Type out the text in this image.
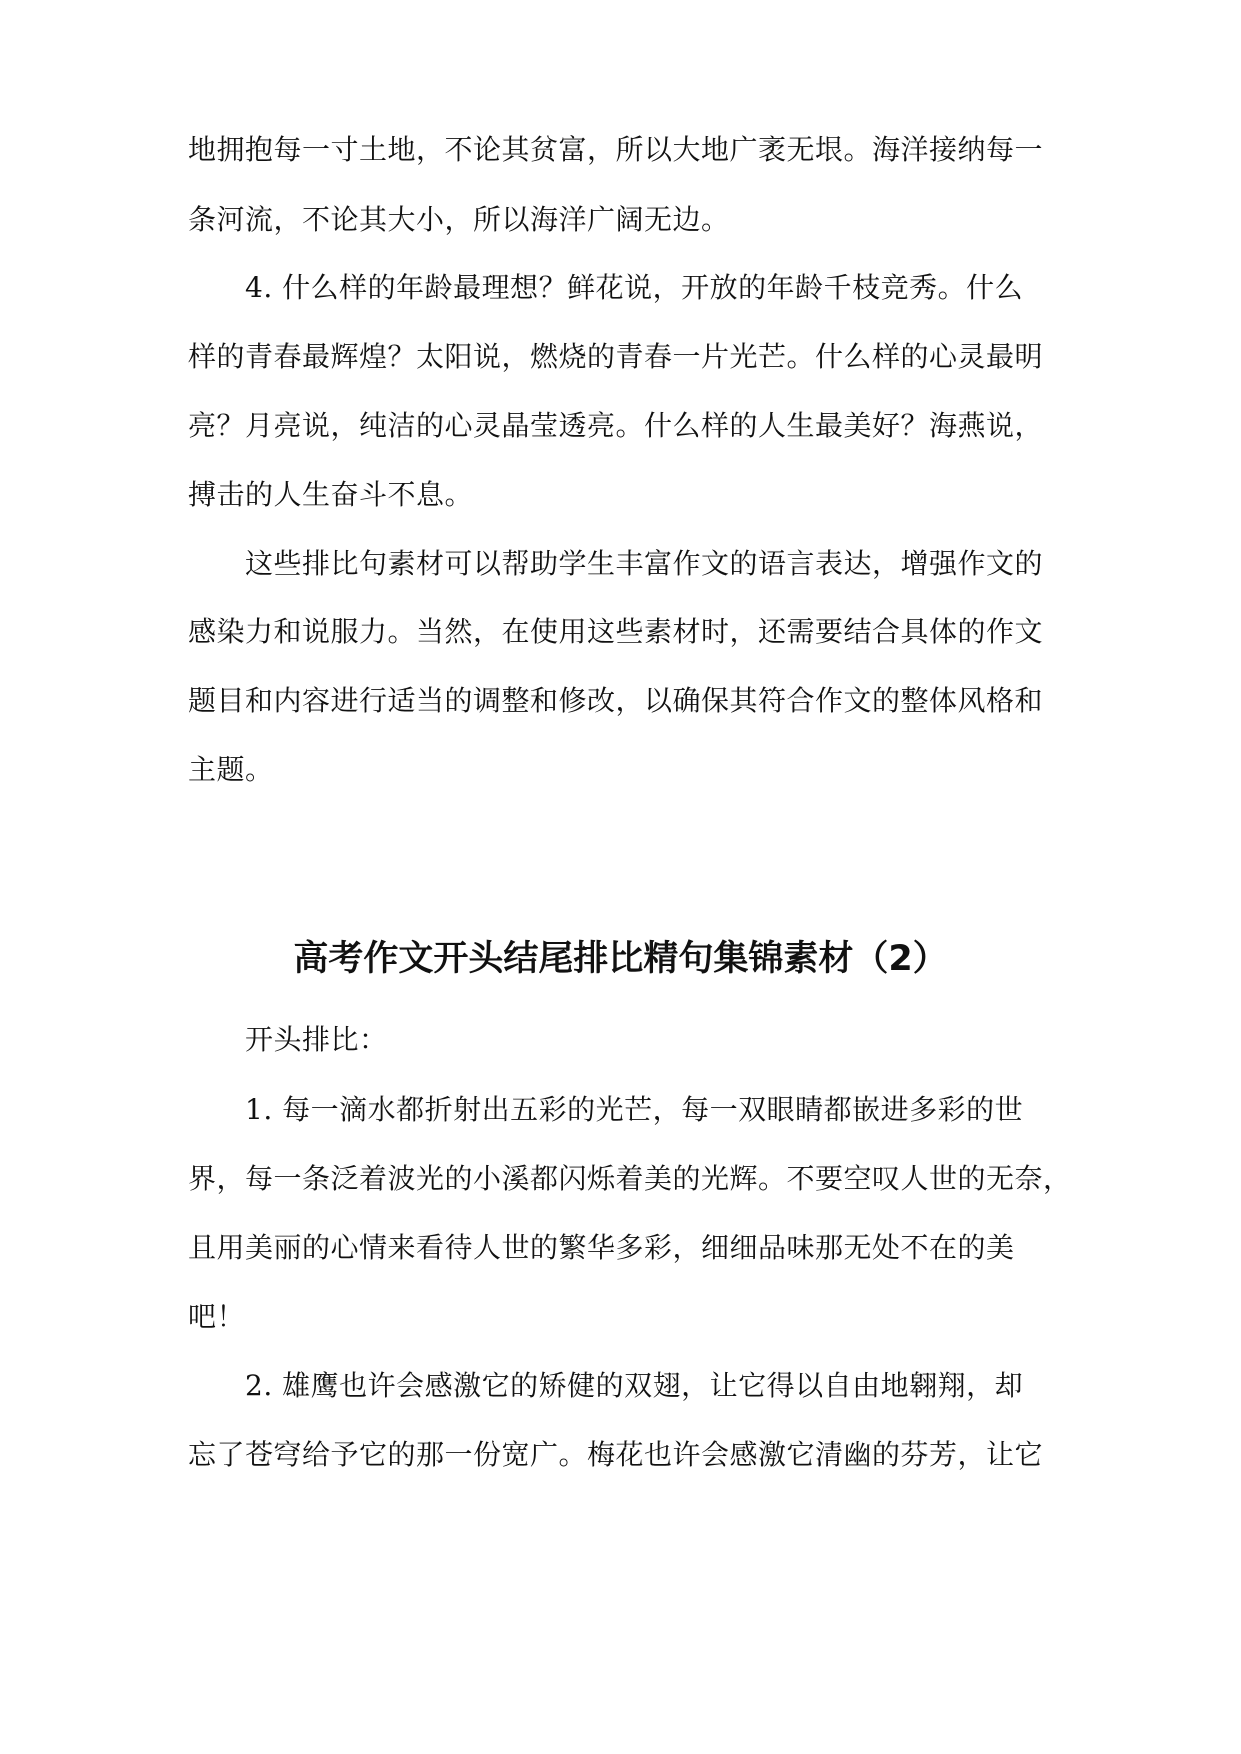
地拥抱每一寸土地，不论其贫富，所以大地广袤无垠。海洋接纳每一
条河流，不论其大小，所以海洋广阔无边。
4. 什么样的年龄最理想？鲜花说，开放的年龄千枝竞秀。什么
样的青春最辉煌？太阳说，燃烧的青春一片光芒。什么样的心灵最明
亮？月亮说，纯洁的心灵晶莹透亮。什么样的人生最美好？海燕说，
搏击的人生奋斗不息。
这些排比句素材可以帮助学生丰富作文的语言表达，增强作文的
感染力和说服力。当然，在使用这些素材时，还需要结合具体的作文
题目和内容进行适当的调整和修改，以确保其符合作文的整体风格和
主题。
高考作文开头结尾排比精句集锦素材（2）
开头排比：
1. 每一滴水都折射出五彩的光芒，每一双眼睛都嵌进多彩的世
界，每一条泛着波光的小溪都闪烁着美的光辉。不要空叹人世的无奈，
且用美丽的心情来看待人世的繁华多彩，细细品味那无处不在的美
吧！
2. 雄鹰也许会感激它的矫健的双翅，让它得以自由地翱翔，却
忘了苍穹给予它的那一份宽广。梅花也许会感激它清幽的芬芳，让它
